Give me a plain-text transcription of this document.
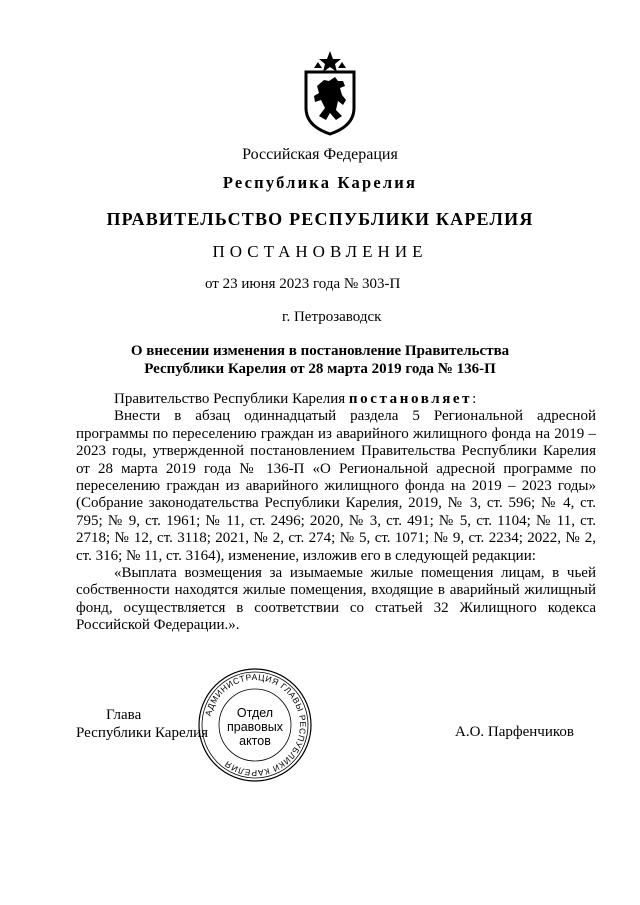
Российская Федерация
Республика Карелия
ПРАВИТЕЛЬСТВО РЕСПУБЛИКИ КАРЕЛИЯ
ПОСТАНОВЛЕНИЕ
от 23 июня 2023 года № 303-П
г. Петрозаводск
О внесении изменения в постановление Правительства
Республики Карелия от 28 марта 2019 года № 136-П

Правительство Республики Карелия постановляет:

Внести в абзац одиннадцатый раздела 5 Региональной адресной программы по переселению граждан из аварийного жилищного фонда на 2019 – 2023 годы, утвержденной постановлением Правительства Республики Карелия от 28 марта 2019 года № 136-П «О Региональной адресной программе по переселению граждан из аварийного жилищного фонда на 2019 – 2023 годы» (Собрание законодательства Республики Карелия, 2019, № 3, ст. 596; № 4, ст. 795; № 9, ст. 1961; № 11, ст. 2496; 2020, № 3, ст. 491; № 5, ст. 1104; № 11, ст. 2718; № 12, ст. 3118; 2021, № 2, ст. 274; № 5, ст. 1071; № 9, ст. 2234; 2022, № 2, ст. 316; № 11, ст. 3164), изменение, изложив его в следующей редакции:

«Выплата возмещения за изымаемые жилые помещения лицам, в чьей собственности находятся жилые помещения, входящие в аварийный жилищный фонд, осуществляется в соответствии со статьей 32 Жилищного кодекса Российской Федерации.».

Глава
Республики Карелия	А.О. Парфенчиков
АДМИНИСТРАЦИЯ ГЛАВЫ РЕСПУБЛИКИ КАРЕЛИЯ
Отдел
правовых
актов
